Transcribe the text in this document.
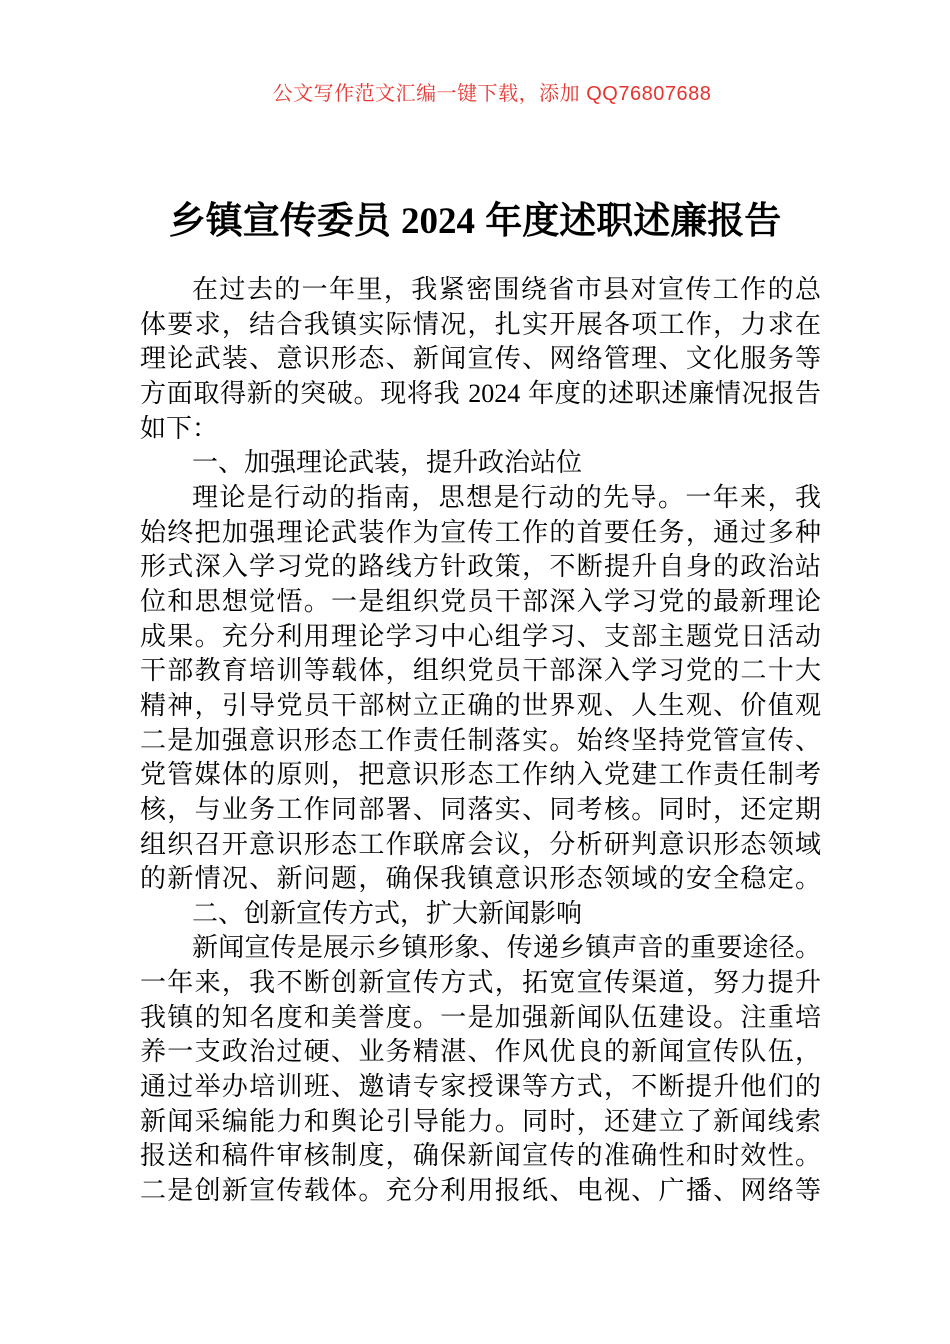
公文写作范文汇编一键下载，添加 QQ76807688
乡镇宣传委员 2024 年度述职述廉报告
在过去的一年里，我紧密围绕省市县对宣传工作的总
体要求，结合我镇实际情况，扎实开展各项工作，力求在
理论武装、意识形态、新闻宣传、网络管理、文化服务等
方面取得新的突破。现将我 2024 年度的述职述廉情况报告
如下：
一、加强理论武装，提升政治站位
理论是行动的指南，思想是行动的先导。一年来，我
始终把加强理论武装作为宣传工作的首要任务，通过多种
形式深入学习党的路线方针政策，不断提升自身的政治站
位和思想觉悟。一是组织党员干部深入学习党的最新理论
成果。充分利用理论学习中心组学习、支部主题党日活动
干部教育培训等载体，组织党员干部深入学习党的二十大
精神，引导党员干部树立正确的世界观、人生观、价值观
二是加强意识形态工作责任制落实。始终坚持党管宣传、
党管媒体的原则，把意识形态工作纳入党建工作责任制考
核，与业务工作同部署、同落实、同考核。同时，还定期
组织召开意识形态工作联席会议，分析研判意识形态领域
的新情况、新问题，确保我镇意识形态领域的安全稳定。
二、创新宣传方式，扩大新闻影响
新闻宣传是展示乡镇形象、传递乡镇声音的重要途径。
一年来，我不断创新宣传方式，拓宽宣传渠道，努力提升
我镇的知名度和美誉度。一是加强新闻队伍建设。注重培
养一支政治过硬、业务精湛、作风优良的新闻宣传队伍，
通过举办培训班、邀请专家授课等方式，不断提升他们的
新闻采编能力和舆论引导能力。同时，还建立了新闻线索
报送和稿件审核制度，确保新闻宣传的准确性和时效性。
二是创新宣传载体。充分利用报纸、电视、广播、网络等
